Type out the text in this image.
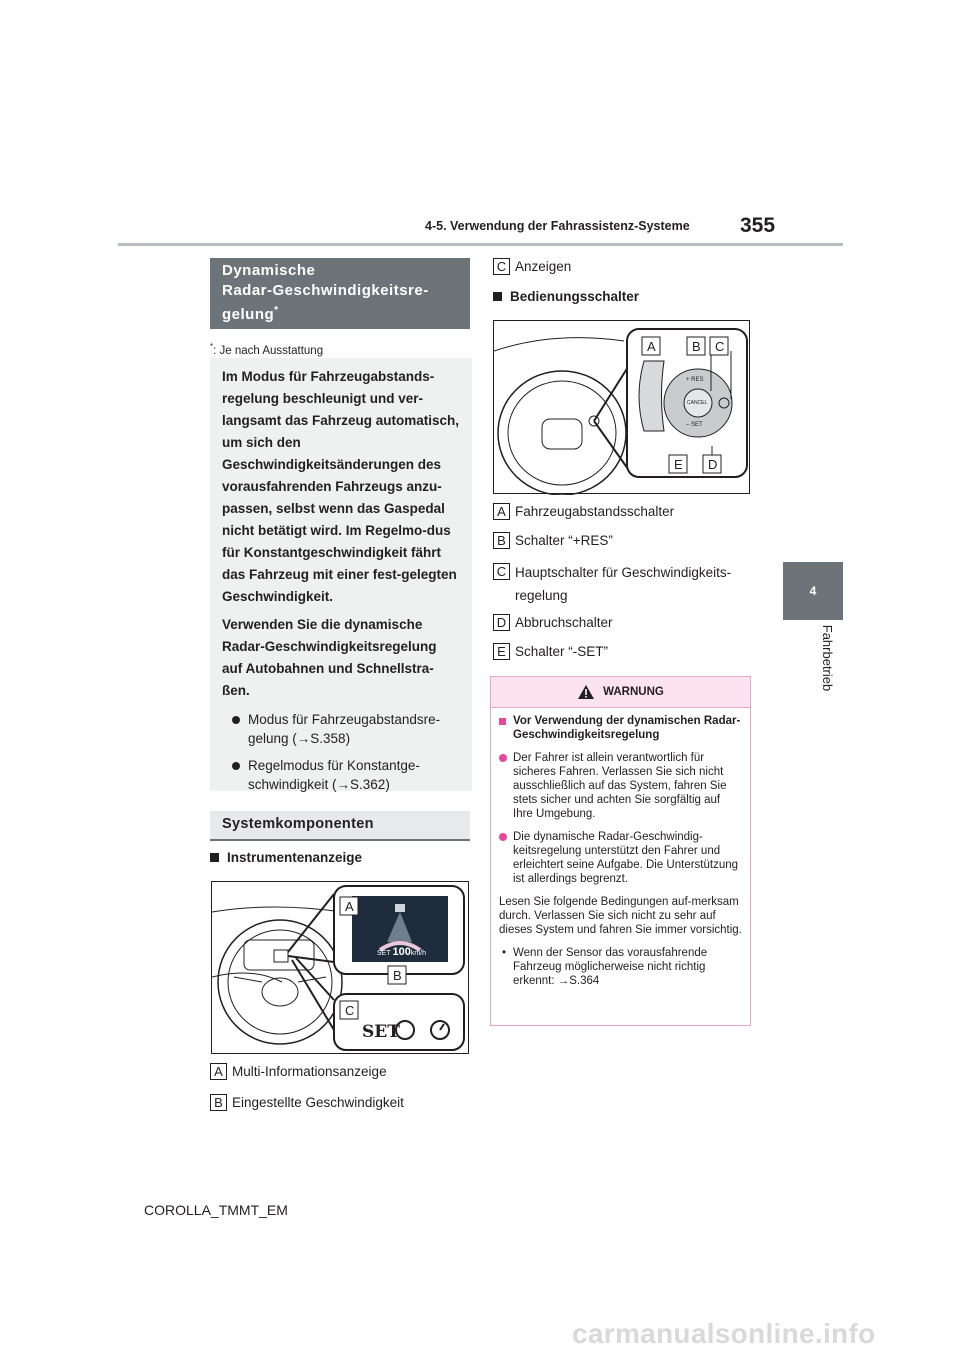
4-5. Verwendung der Fahrassistenz-Systeme 355
4
Fahrbetrieb
Dynamische
Radar-Geschwindigkeitsre-
gelung*
*: Je nach Ausstattung

Im Modus für Fahrzeugabstands-regelung beschleunigt und ver-langsamt das Fahrzeug automatisch, um sich den Geschwindigkeitsänderungen des vorausfahrenden Fahrzeugs anzu-passen, selbst wenn das Gaspedal nicht betätigt wird. Im Regelmo-dus für Konstantgeschwindigkeit fährt das Fahrzeug mit einer fest-gelegten Geschwindigkeit.

Verwenden Sie die dynamische Radar-Geschwindigkeitsregelung auf Autobahnen und Schnellstra-ßen.

Modus für Fahrzeugabstandsre-gelung (→S.358)
Regelmodus für Konstantge-schwindigkeit (→S.362)
Systemkomponenten
Instrumentenanzeige
A
B
C
SET 100km/h
SET
A Multi-Informationsanzeige
B Eingestellte Geschwindigkeit
C Anzeigen
Bedienungsschalter
A	B C
E D
+ RES
CANCEL
– SET
A Fahrzeugabstandsschalter
B Schalter “+RES”
C Hauptschalter für Geschwindigkeits-regelung
D Abbruchschalter
E Schalter “-SET”
WARNUNG
Vor Verwendung der dynamischen Radar-Geschwindigkeitsregelung
Der Fahrer ist allein verantwortlich für sicheres Fahren. Verlassen Sie sich nicht ausschließlich auf das System, fahren Sie stets sicher und achten Sie sorgfältig auf Ihre Umgebung.
Die dynamische Radar-Geschwindig-keitsregelung unterstützt den Fahrer und erleichtert seine Aufgabe. Die Unterstützung ist allerdings begrenzt.
Lesen Sie folgende Bedingungen auf-merksam durch. Verlassen Sie sich nicht zu sehr auf dieses System und fahren Sie immer vorsichtig.
• Wenn der Sensor das vorausfahrende Fahrzeug möglicherweise nicht richtig erkennt: →S.364
COROLLA_TMMT_EM
carmanualsonline.info
